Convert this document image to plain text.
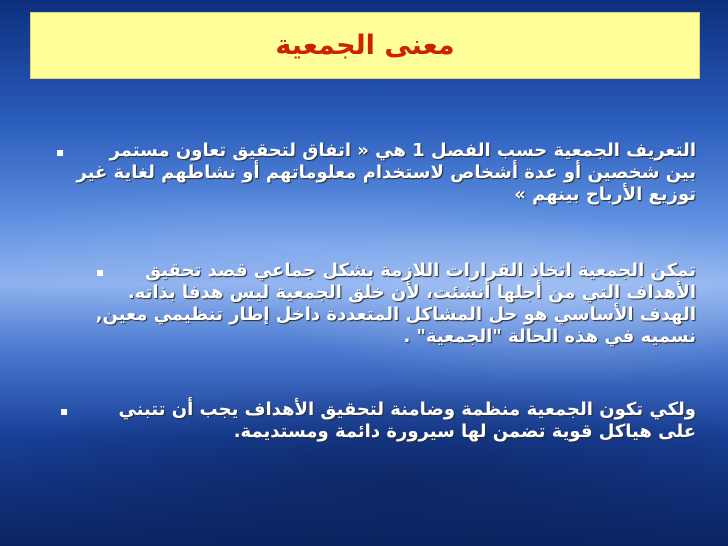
معنى الجمعية
▪	التعريف الجمعية حسب الفصل 1 هي « اتفاق لتحقيق تعاون مستمر بين شخصين أو عدة أشخاص لاستخدام معلوماتهم أو نشاطهم لغاية غير توزيع الأرباح بينهم »
▪	تمكن الجمعية اتخاذ القرارات اللازمة بشكل جماعي قصد تحقيق الأهداف التي من أجلها أنشئت، لأن خلق الجمعية ليس هدفا بذاته. الهدف الأساسي هو حل المشاكل المتعددة داخل إطار تنظيمي معين, نسميه في هذه الحالة "الجمعية" .
▪	ولكي تكون الجمعية منظمة وضامنة لتحقيق الأهداف يجب أن تتبني على هياكل قوية تضمن لها سيرورة دائمة ومستديمة.
